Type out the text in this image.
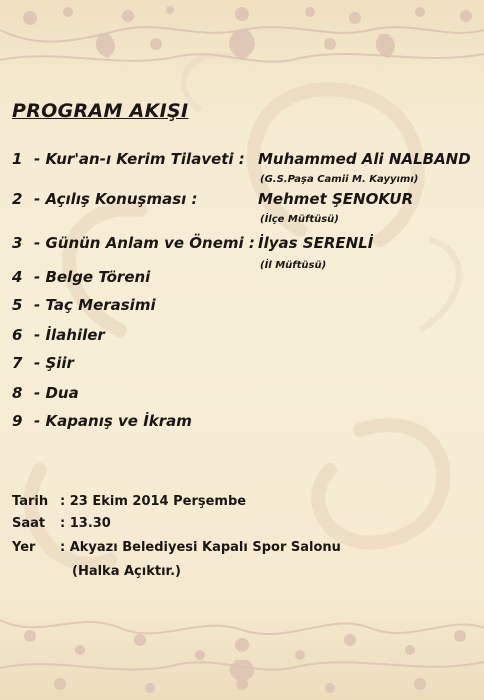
PROGRAM AKIŞI
1 - Kur'an-ı Kerim Tilaveti : Muhammed Ali NALBAND
(G.S.Paşa Camii M. Kayyımı)
2 - Açılış Konuşması :	Mehmet ŞENOKUR
(İlçe Müftüsü)
3 - Günün Anlam ve Önemi : İlyas SERENLİ
(İl Müftüsü)
4 - Belge Töreni
5 - Taç Merasimi
6 - İlahiler
7 - Şiir
8 - Dua
9 - Kapanış ve İkram
Tarih : 23 Ekim 2014 Perşembe
Saat : 13.30
Yer : Akyazı Belediyesi Kapalı Spor Salonu
(Halka Açıktır.)
